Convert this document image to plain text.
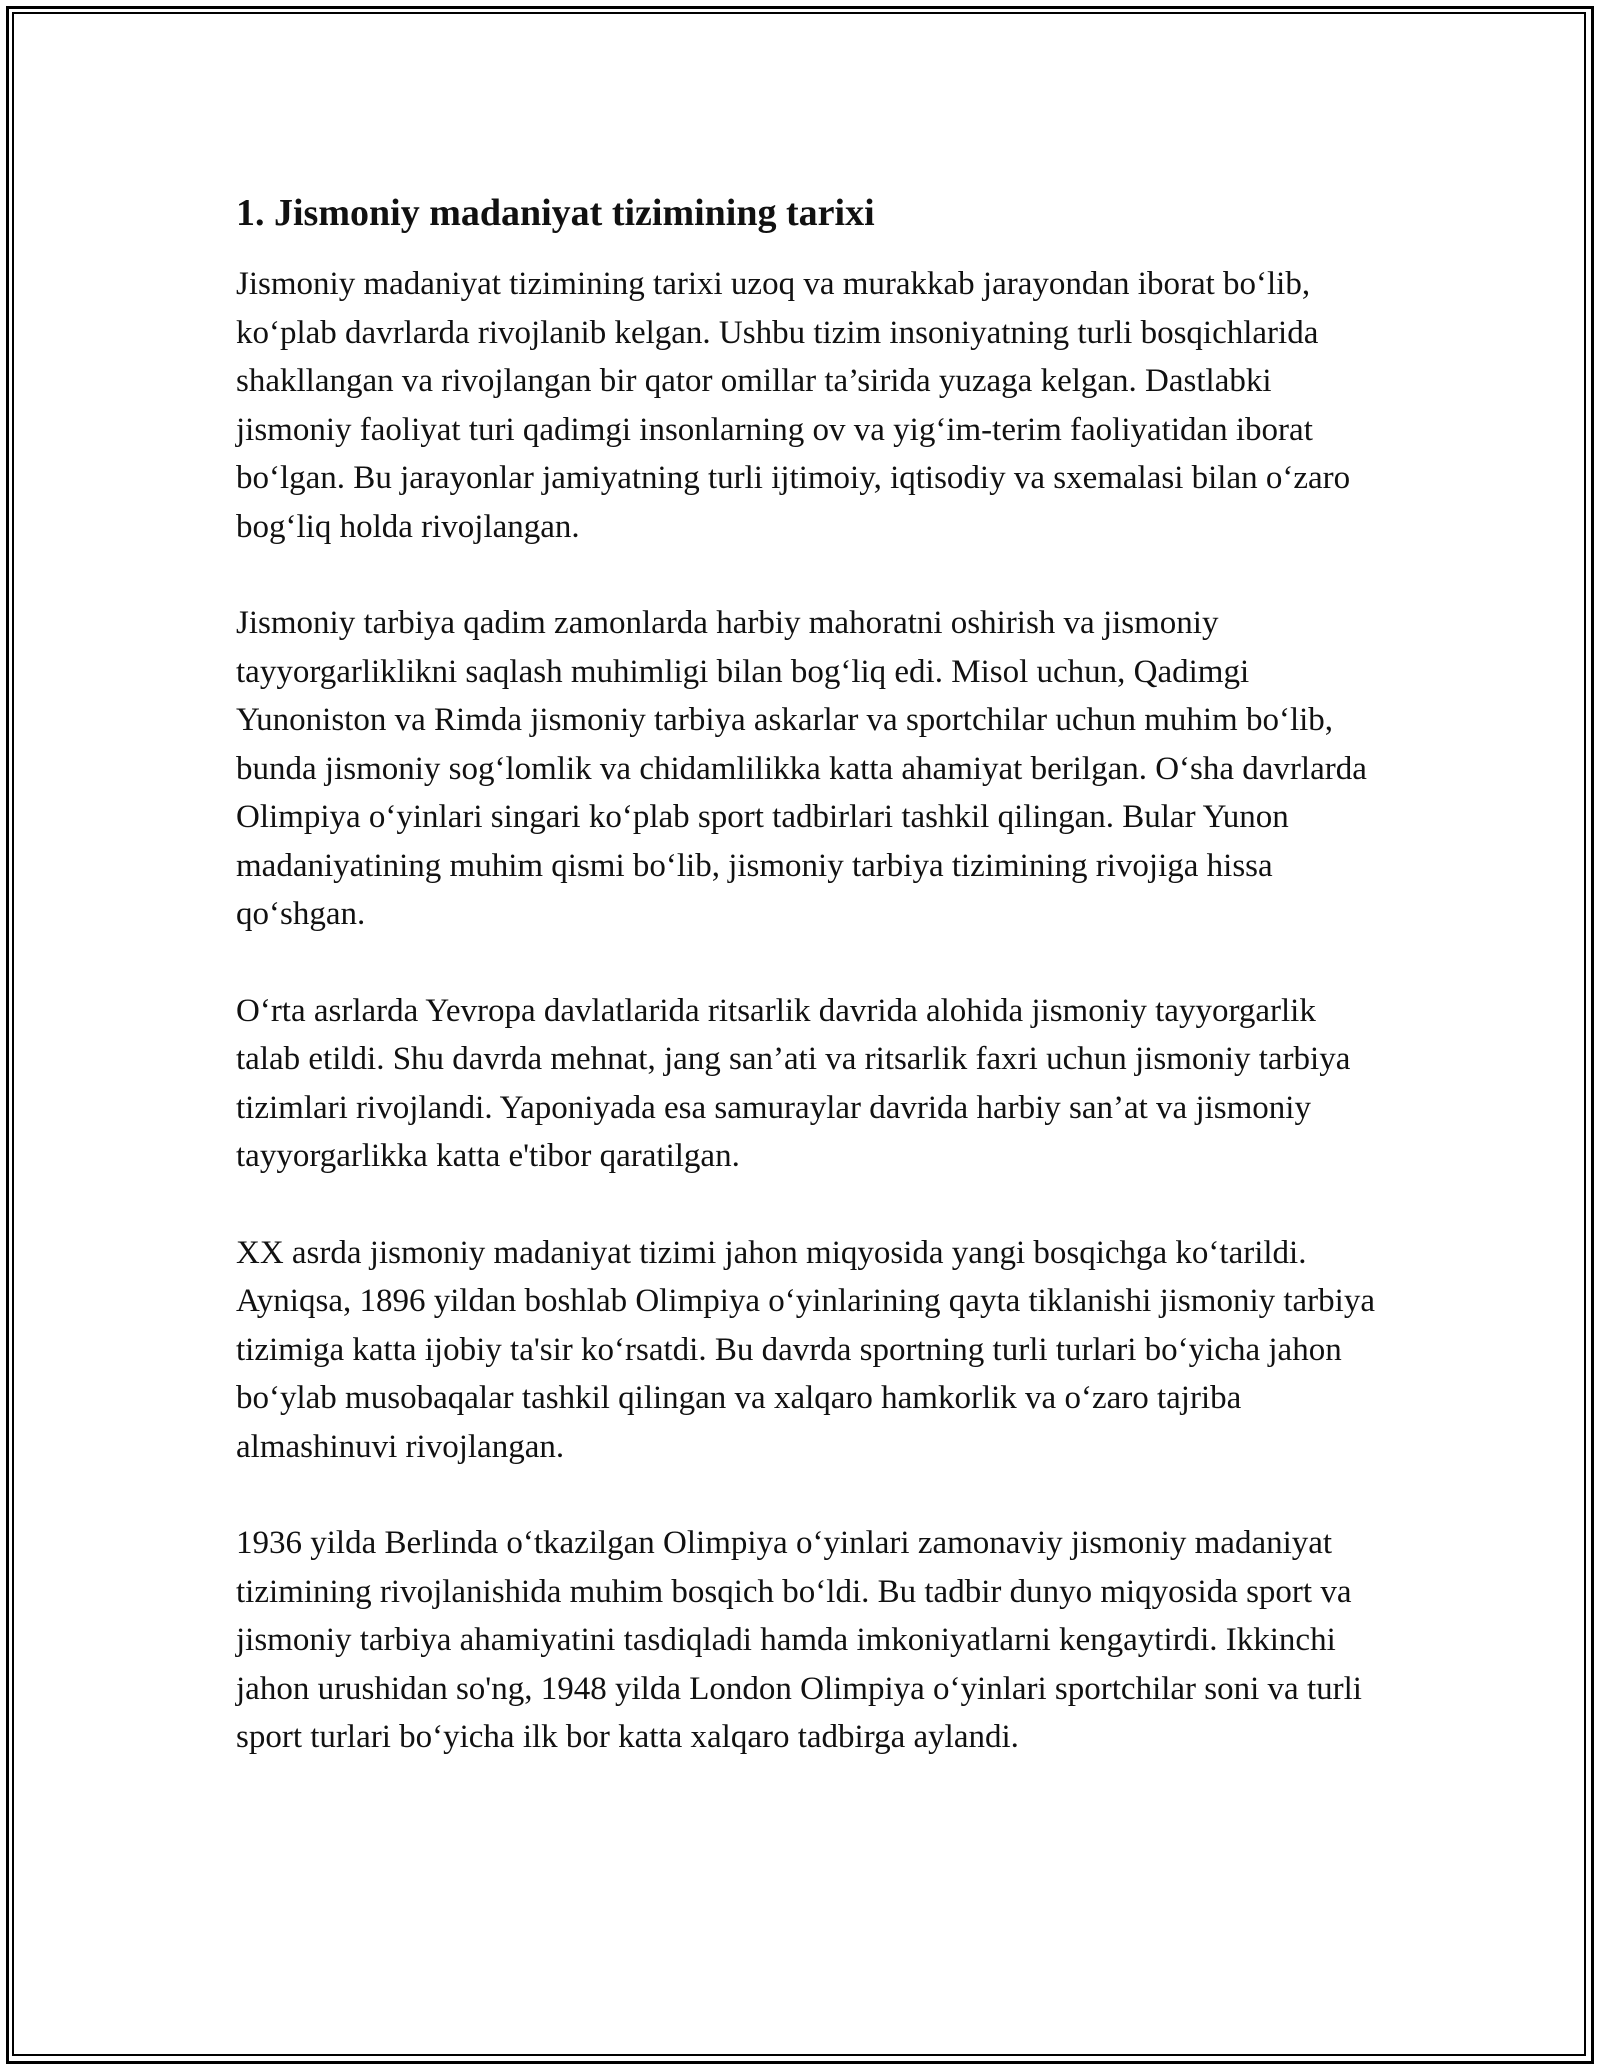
1. Jismoniy madaniyat tizimining tarixi

Jismoniy madaniyat tizimining tarixi uzoq va murakkab jarayondan iborat bo‘lib, ko‘plab davrlarda rivojlanib kelgan. Ushbu tizim insoniyatning turli bosqichlarida shakllangan va rivojlangan bir qator omillar ta’sirida yuzaga kelgan. Dastlabki jismoniy faoliyat turi qadimgi insonlarning ov va yig‘im-terim faoliyatidan iborat bo‘lgan. Bu jarayonlar jamiyatning turli ijtimoiy, iqtisodiy va sxemalasi bilan o‘zaro bog‘liq holda rivojlangan.

Jismoniy tarbiya qadim zamonlarda harbiy mahoratni oshirish va jismoniy tayyorgarliklikni saqlash muhimligi bilan bog‘liq edi. Misol uchun, Qadimgi Yunoniston va Rimda jismoniy tarbiya askarlar va sportchilar uchun muhim bo‘lib, bunda jismoniy sog‘lomlik va chidamlilikka katta ahamiyat berilgan. O‘sha davrlarda Olimpiya o‘yinlari singari ko‘plab sport tadbirlari tashkil qilingan. Bular Yunon madaniyatining muhim qismi bo‘lib, jismoniy tarbiya tizimining rivojiga hissa qo‘shgan.

O‘rta asrlarda Yevropa davlatlarida ritsarlik davrida alohida jismoniy tayyorgarlik talab etildi. Shu davrda mehnat, jang san’ati va ritsarlik faxri uchun jismoniy tarbiya tizimlari rivojlandi. Yaponiyada esa samuraylar davrida harbiy san’at va jismoniy tayyorgarlikka katta e'tibor qaratilgan.

XX asrda jismoniy madaniyat tizimi jahon miqyosida yangi bosqichga ko‘tarildi. Ayniqsa, 1896 yildan boshlab Olimpiya o‘yinlarining qayta tiklanishi jismoniy tarbiya tizimiga katta ijobiy ta'sir ko‘rsatdi. Bu davrda sportning turli turlari bo‘yicha jahon bo‘ylab musobaqalar tashkil qilingan va xalqaro hamkorlik va o‘zaro tajriba almashinuvi rivojlangan.

1936 yilda Berlinda o‘tkazilgan Olimpiya o‘yinlari zamonaviy jismoniy madaniyat tizimining rivojlanishida muhim bosqich bo‘ldi. Bu tadbir dunyo miqyosida sport va jismoniy tarbiya ahamiyatini tasdiqladi hamda imkoniyatlarni kengaytirdi. Ikkinchi jahon urushidan so'ng, 1948 yilda London Olimpiya o‘yinlari sportchilar soni va turli sport turlari bo‘yicha ilk bor katta xalqaro tadbirga aylandi.
